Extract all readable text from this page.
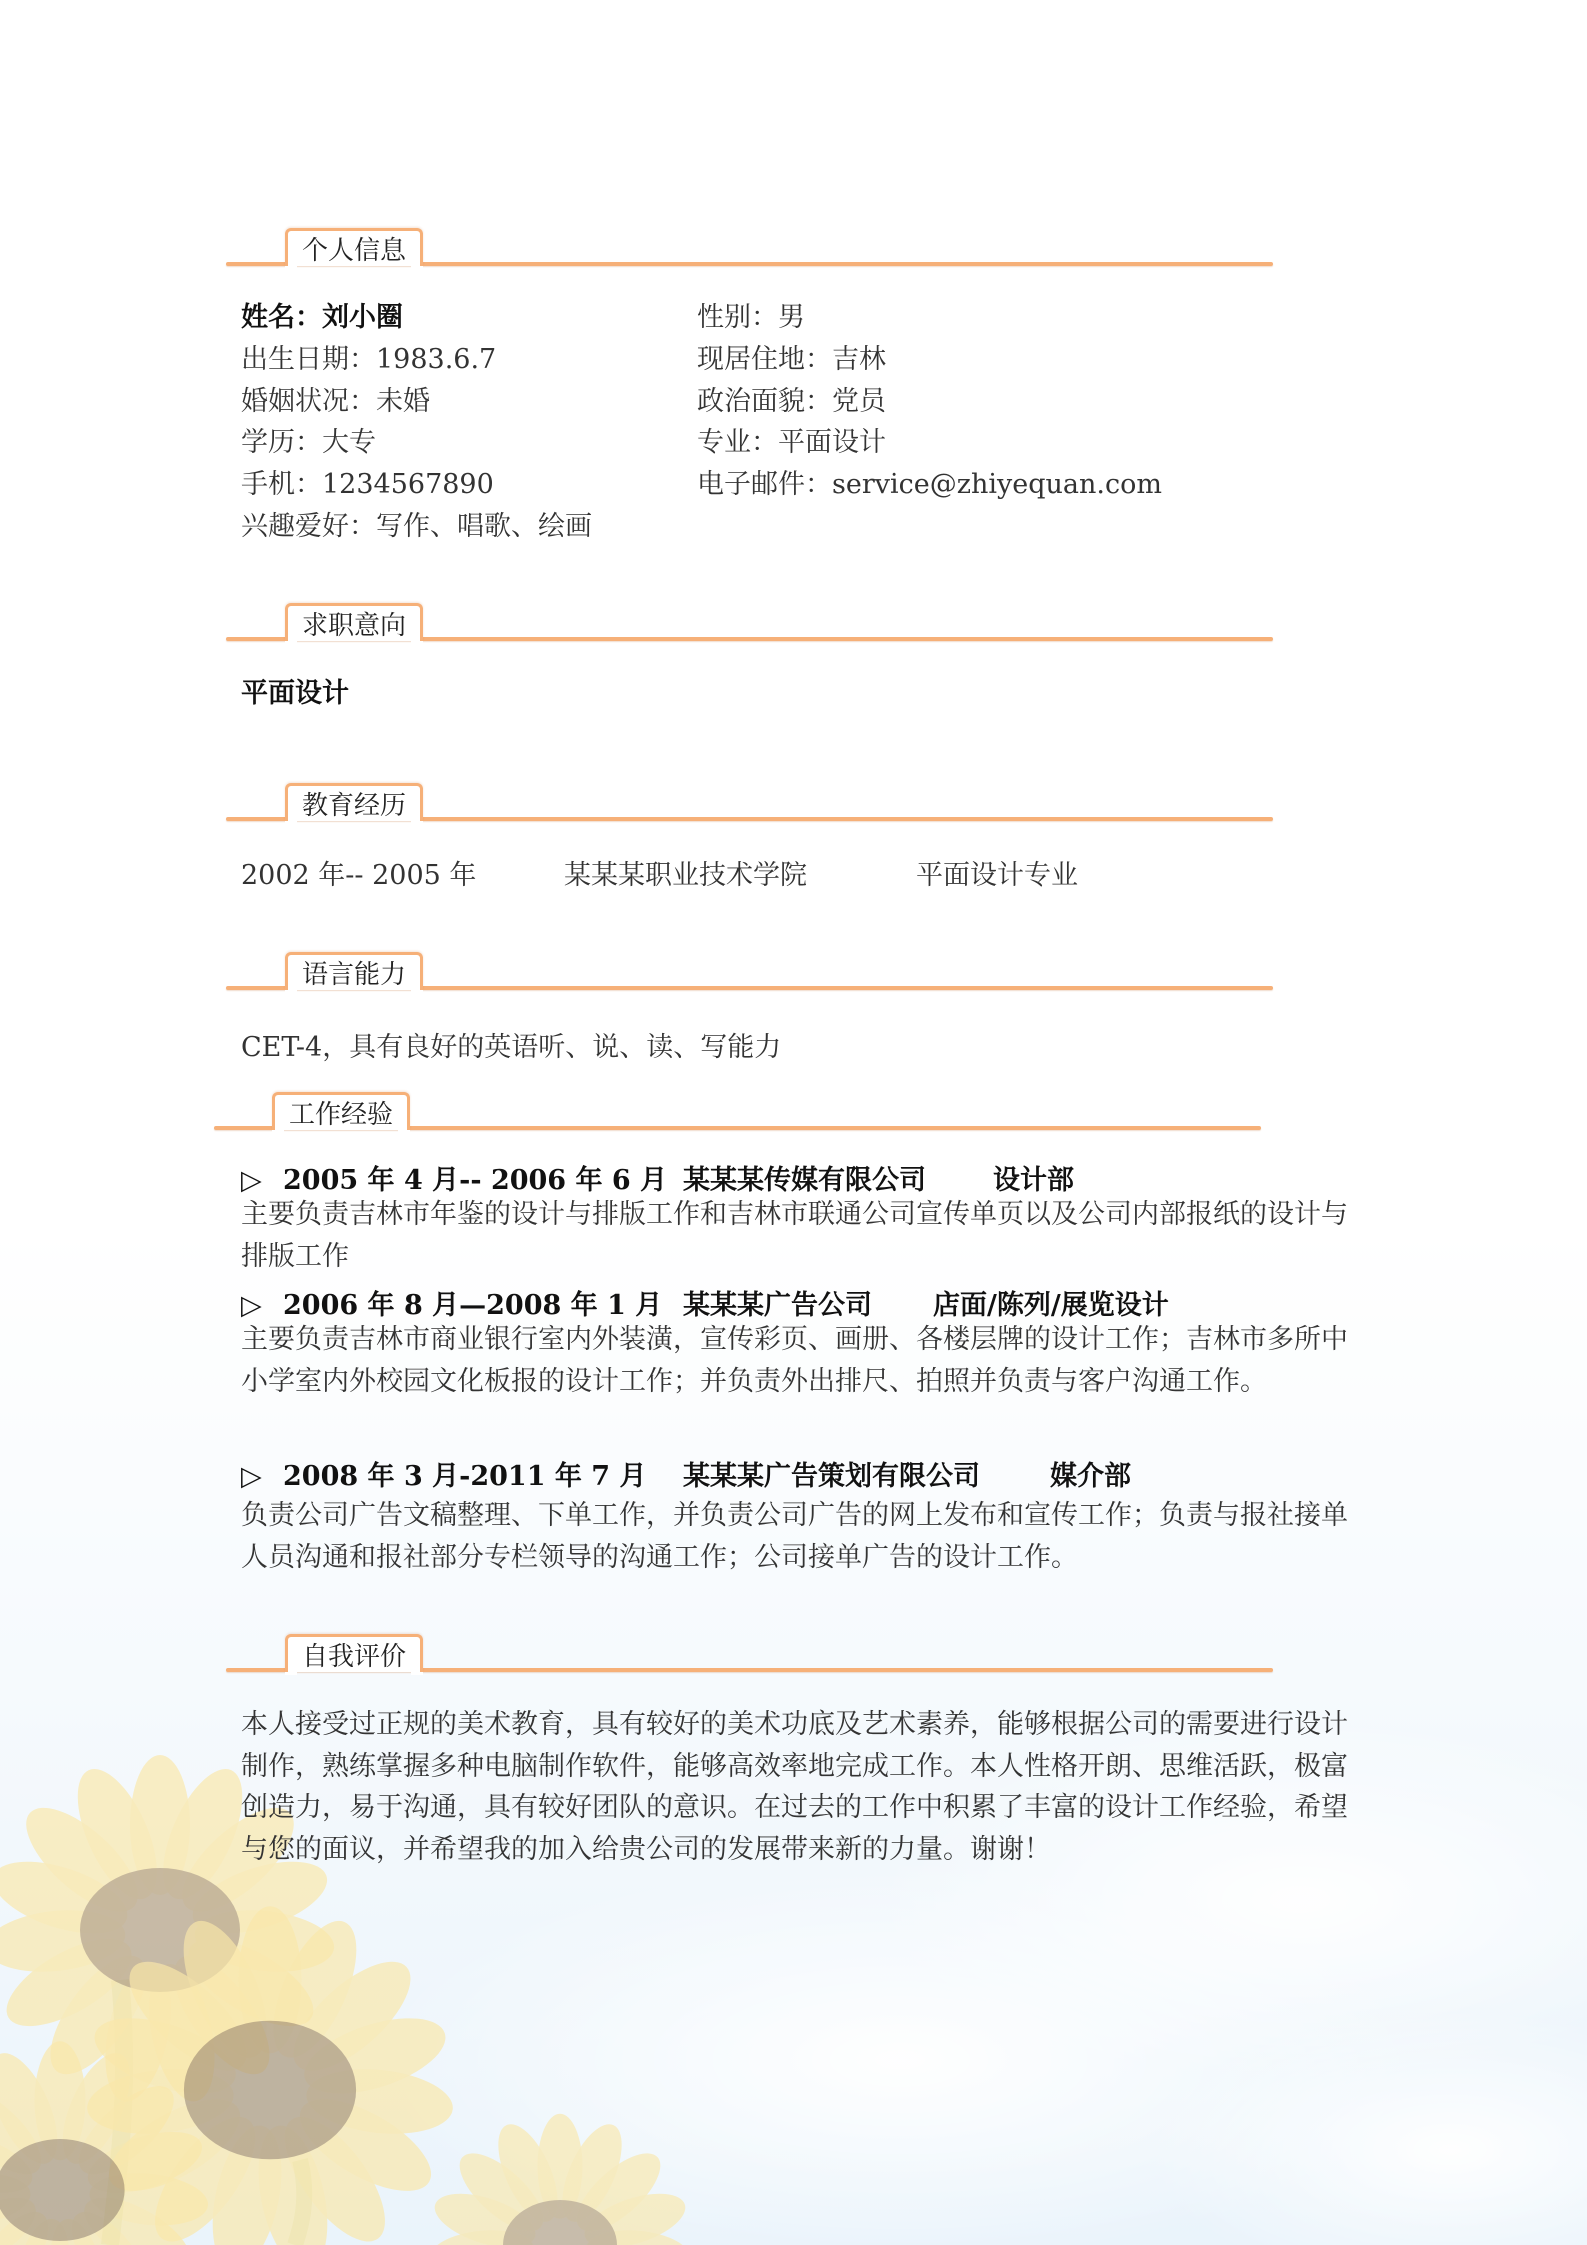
个人信息
姓名：刘小圈	性别：男
出生日期：1983.6.7	现居住地：吉林
婚姻状况：未婚	政治面貌：党员
学历：大专	专业：平面设计
手机：1234567890	电子邮件：service@zhiyequan.com
兴趣爱好：写作、唱歌、绘画
求职意向
平面设计
教育经历
2002 年-- 2005 年	某某某职业技术学院	平面设计专业
语言能力
CET-4，具有良好的英语听、说、读、写能力
工作经验
▷ 2005 年 4 月-- 2006 年 6 月 某某某传媒有限公司 设计部
主要负责吉林市年鉴的设计与排版工作和吉林市联通公司宣传单页以及公司内部报纸的设计与排版工作
▷ 2006 年 8 月—2008 年 1 月 某某某广告公司 店面/陈列/展览设计
主要负责吉林市商业银行室内外装潢，宣传彩页、画册、各楼层牌的设计工作；吉林市多所中小学室内外校园文化板报的设计工作；并负责外出排尺、拍照并负责与客户沟通工作。
▷ 2008 年 3 月-2011 年 7 月 某某某广告策划有限公司	媒介部
负责公司广告文稿整理、下单工作，并负责公司广告的网上发布和宣传工作；负责与报社接单人员沟通和报社部分专栏领导的沟通工作；公司接单广告的设计工作。
自我评价
本人接受过正规的美术教育，具有较好的美术功底及艺术素养，能够根据公司的需要进行设计制作，熟练掌握多种电脑制作软件，能够高效率地完成工作。本人性格开朗、思维活跃，极富创造力，易于沟通，具有较好团队的意识。在过去的工作中积累了丰富的设计工作经验，希望与您的面议，并希望我的加入给贵公司的发展带来新的力量。谢谢！
